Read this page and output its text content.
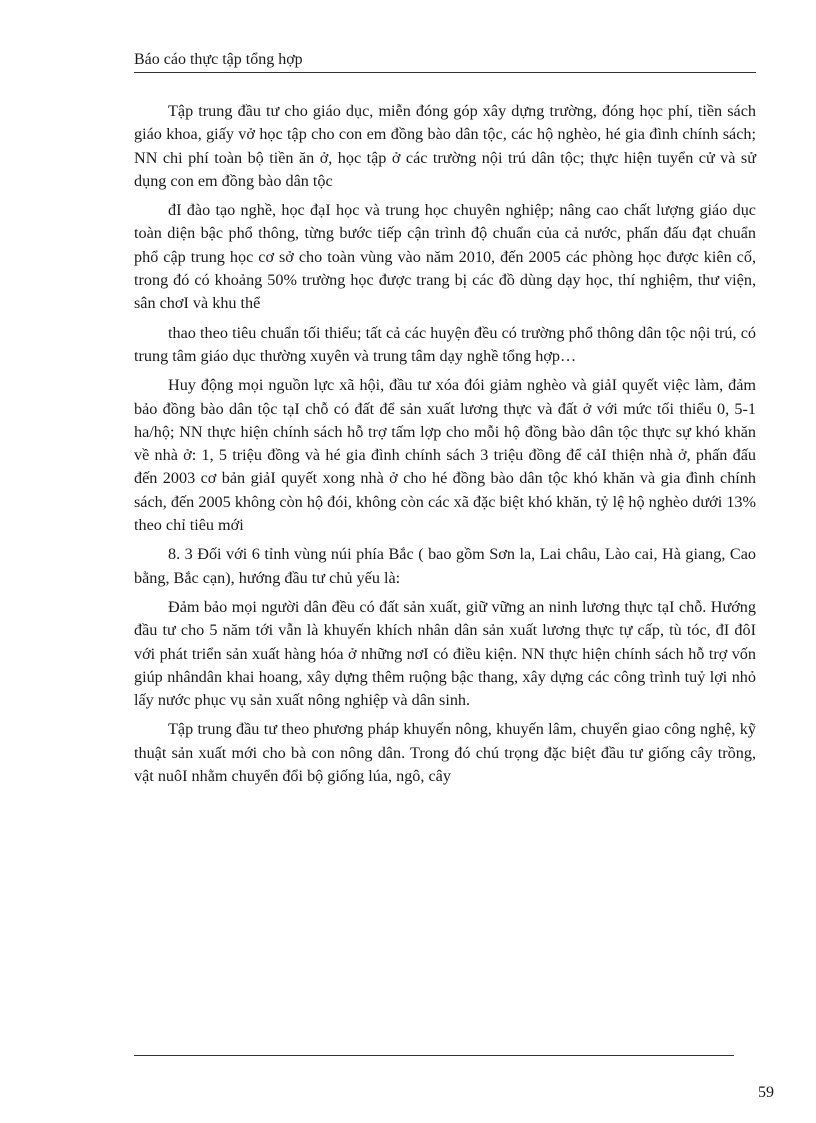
Báo cáo thực tập tổng hợp

Tập trung đầu tư cho giáo dục, miễn đóng góp xây dựng trường, đóng học phí, tiền sách giáo khoa, giấy vở học tập cho con em đồng bào dân tộc, các hộ nghèo, hé gia đình chính sách; NN chi phí toàn bộ tiền ăn ở, học tập ở các trường nội trú dân tộc; thực hiện tuyển cử và sử dụng con em đồng bào dân tộc

đI đào tạo nghề, học đạI học và trung học chuyên nghiệp; nâng cao chất lượng giáo dục toàn diện bậc phổ thông, từng bước tiếp cận trình độ chuẩn của cả nước, phấn đấu đạt chuẩn phổ cập trung học cơ sở cho toàn vùng vào năm 2010, đến 2005 các phòng học được kiên cố, trong đó có khoảng 50% trường học được trang bị các đồ dùng dạy học, thí nghiệm, thư viện, sân chơI và khu thể

thao theo tiêu chuẩn tối thiểu; tất cả các huyện đều có trường phổ thông dân tộc nội trú, có trung tâm giáo dục thường xuyên và trung tâm dạy nghề tổng hợp…

Huy động mọi nguồn lực xã hội, đầu tư xóa đói giảm nghèo và giảI quyết việc làm, đảm bảo đồng bào dân tộc tạI chỗ có đất để sản xuất lương thực và đất ở với mức tối thiểu 0, 5-1 ha/hộ; NN thực hiện chính sách hỗ trợ tấm lợp cho mỗi hộ đồng bào dân tộc thực sự khó khăn về nhà ở: 1, 5 triệu đồng và hé gia đình chính sách 3 triệu đồng để cảI thiện nhà ở, phấn đấu đến 2003 cơ bản giảI quyết xong nhà ở cho hé đồng bào dân tộc khó khăn và gia đình chính sách, đến 2005 không còn hộ đói, không còn các xã đặc biệt khó khăn, tỷ lệ hộ nghèo dưới 13% theo chỉ tiêu mới

8. 3 Đối với 6 tỉnh vùng núi phía Bắc ( bao gồm Sơn la, Lai châu, Lào cai, Hà giang, Cao bằng, Bắc cạn), hướng đầu tư chủ yếu là:

Đảm bảo mọi người dân đều có đất sản xuất, giữ vững an ninh lương thực tạI chỗ. Hướng đầu tư cho 5 năm tới vẫn là khuyến khích nhân dân sản xuất lương thực tự cấp, tù tóc, đI đôI với phát triển sản xuất hàng hóa ở những nơI có điều kiện. NN thực hiện chính sách hỗ trợ vốn giúp nhândân khai hoang, xây dựng thêm ruộng bậc thang, xây dựng các công trình tuỷ lợi nhỏ lấy nước phục vụ sản xuất nông nghiệp và dân sinh.

Tập trung đầu tư theo phương pháp khuyến nông, khuyến lâm, chuyển giao công nghệ, kỹ thuật sản xuất mới cho bà con nông dân. Trong đó chú trọng đặc biệt đầu tư giống cây trồng, vật nuôI nhằm chuyển đổi bộ giống lúa, ngô, cây

59
